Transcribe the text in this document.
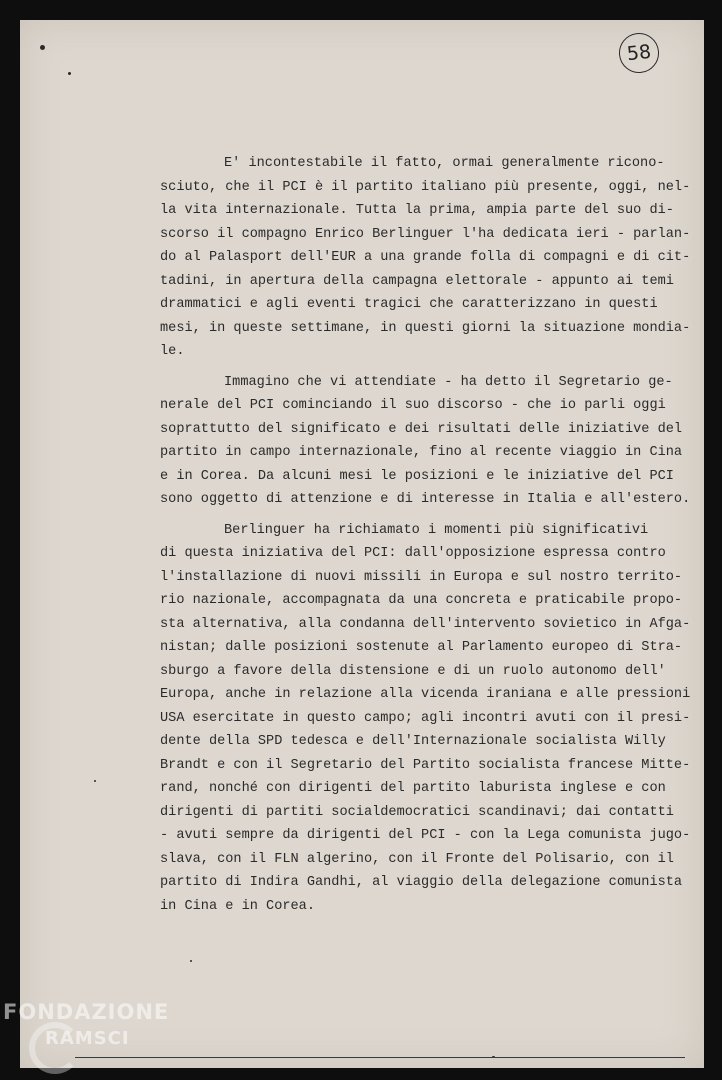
58

E' incontestabile il fatto, ormai generalmente ricono-
sciuto, che il PCI è il partito italiano più presente, oggi, nel-
la vita internazionale. Tutta la prima, ampia parte del suo di-
scorso il compagno Enrico Berlinguer l'ha dedicata ieri - parlan-
do al Palasport dell'EUR a una grande folla di compagni e di cit-
tadini, in apertura della campagna elettorale - appunto ai temi
drammatici e agli eventi tragici che caratterizzano in questi
mesi, in queste settimane, in questi giorni la situazione mondia-
le.

Immagino che vi attendiate - ha detto il Segretario ge-
nerale del PCI cominciando il suo discorso - che io parli oggi
soprattutto del significato e dei risultati delle iniziative del
partito in campo internazionale, fino al recente viaggio in Cina
e in Corea. Da alcuni mesi le posizioni e le iniziative del PCI
sono oggetto di attenzione e di interesse in Italia e all'estero.

Berlinguer ha richiamato i momenti più significativi
di questa iniziativa del PCI: dall'opposizione espressa contro
l'installazione di nuovi missili in Europa e sul nostro territo-
rio nazionale, accompagnata da una concreta e praticabile propo-
sta alternativa, alla condanna dell'intervento sovietico in Afga-
nistan; dalle posizioni sostenute al Parlamento europeo di Stra-
sburgo a favore della distensione e di un ruolo autonomo dell'
Europa, anche in relazione alla vicenda iraniana e alle pressioni
USA esercitate in questo campo; agli incontri avuti con il presi-
dente della SPD tedesca e dell'Internazionale socialista Willy
Brandt e con il Segretario del Partito socialista francese Mitte-
rand, nonché con dirigenti del partito laburista inglese e con
dirigenti di partiti socialdemocratici scandinavi; dai contatti
- avuti sempre da dirigenti del PCI - con la Lega comunista jugo-
slava, con il FLN algerino, con il Fronte del Polisario, con il
partito di Indira Gandhi, al viaggio della delegazione comunista
in Cina e in Corea.

FONDAZIONE
RAMSCI
